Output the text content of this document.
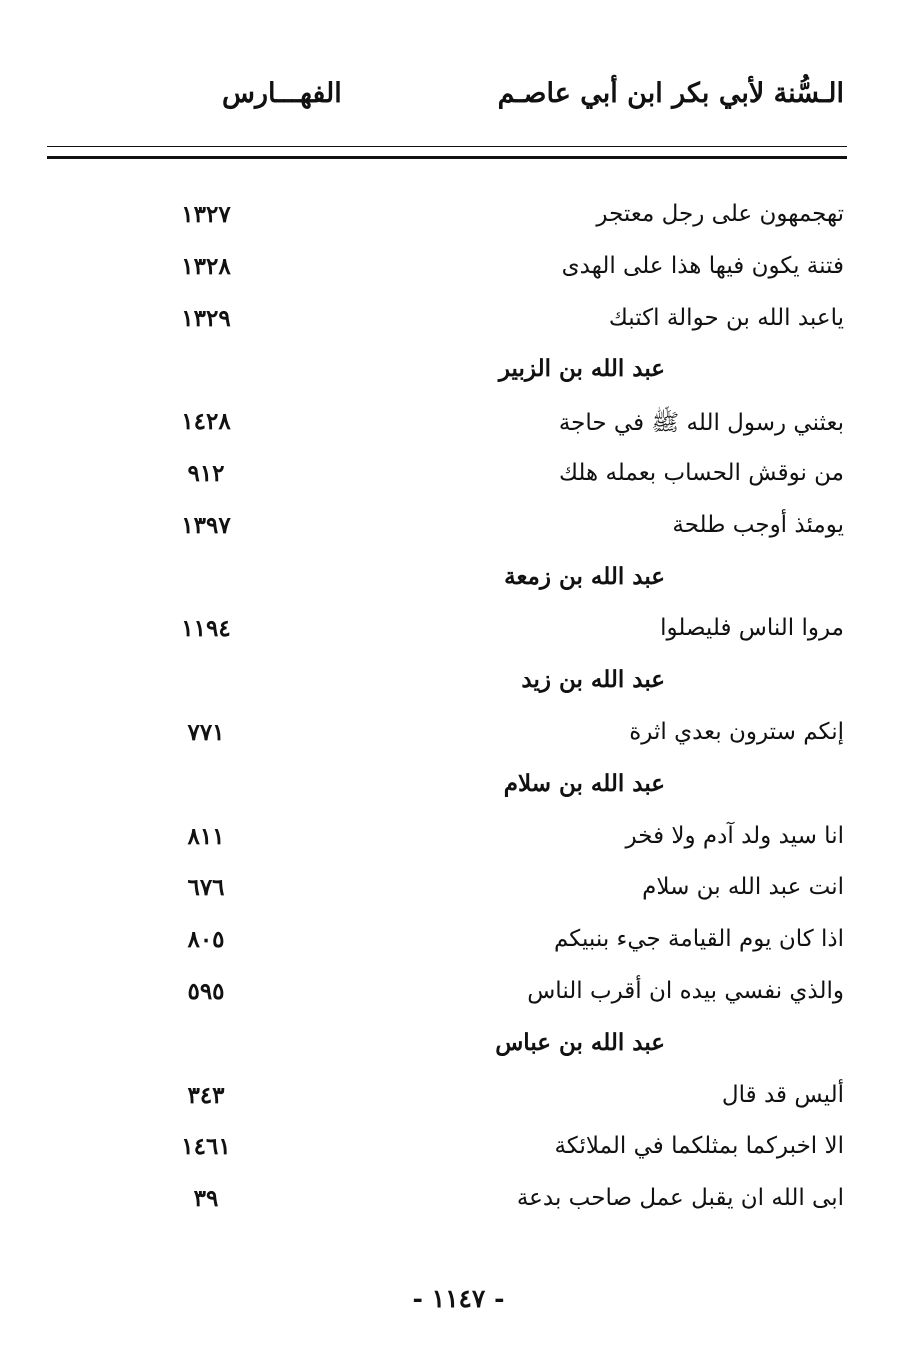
الـسُّنة لأبي بكر ابن أبي عاصـم
الفهـــارس
تهجمهون على رجل معتجر
١٣٢٧
فتنة يكون فيها هذا على الهدى
١٣٢٨
ياعبد الله بن حوالة اكتبك
١٣٢٩
عبد الله بن الزبير
بعثني رسول الله ﷺ في حاجة
١٤٢٨
من نوقش الحساب بعمله هلك
٩١٢
يومئذ أوجب طلحة
١٣٩٧
عبد الله بن زمعة
مروا الناس فليصلوا
١١٩٤
عبد الله بن زيد
إنكم سترون بعدي اثرة
٧٧١
عبد الله بن سلام
انا سيد ولد آدم ولا فخر
٨١١
انت عبد الله بن سلام
٦٧٦
اذا كان يوم القيامة جيء بنبيكم
٨٠٥
والذي نفسي بيده ان أقرب الناس
٥٩٥
عبد الله بن عباس
أليس قد قال
٣٤٣
الا اخبركما بمثلكما في الملائكة
١٤٦١
ابى الله ان يقبل عمل صاحب بدعة
٣٩
- ١١٤٧ -
